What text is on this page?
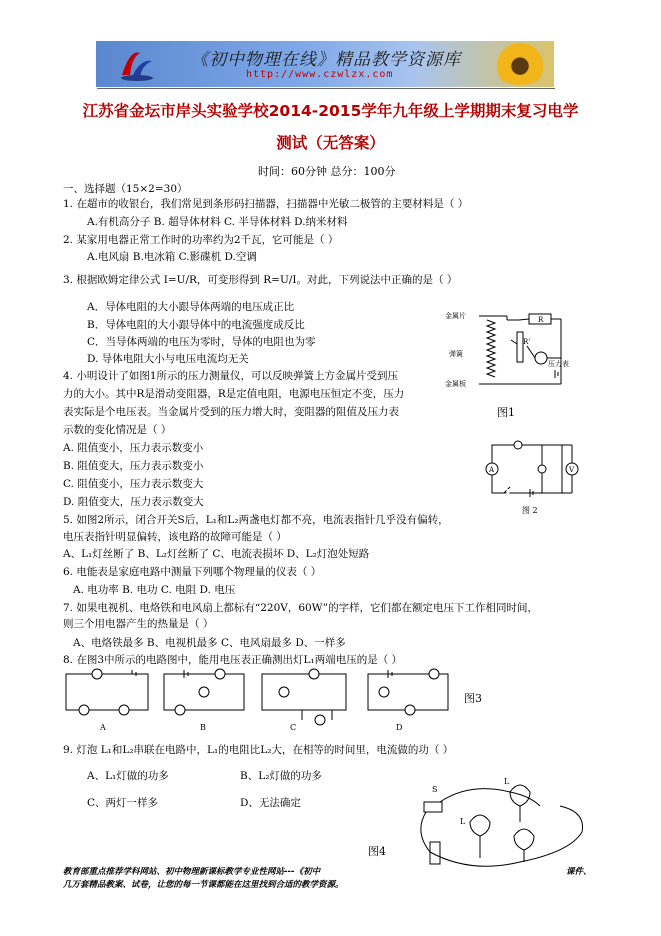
《初中物理在线》精品教学资源库
http://www.czwlzx.com
江苏省金坛市岸头实验学校2014-2015学年九年级上学期期末复习电学
测试（无答案）
时间：60分钟 总分：100分
一、选择题（15×2=30）
1. 在超市的收银台，我们常见到条形码扫描器，扫描器中光敏二极管的主要材料是（ ）
A.有机高分子 B. 超导体材料 C. 半导体材料 D.纳米材料
2. 某家用电器正常工作时的功率约为2千瓦，它可能是（ ）
A.电风扇 B.电冰箱 C.影碟机 D.空调
3. 根据欧姆定律公式 I=U/R，可变形得到 R=U/I。对此，下列说法中正确的是（ ）
A．导体电阻的大小跟导体两端的电压成正比
B．导体电阻的大小跟导体中的电流强度成反比
C．当导体两端的电压为零时，导体的电阻也为零
D. 导体电阻大小与电压电流均无关
4. 小明设计了如图1所示的压力测量仪，可以反映弹簧上方金属片受到压
力的大小。其中R是滑动变阻器，R是定值电阻，电源电压恒定不变，压力
表实际是个电压表。当金属片受到的压力增大时，变阻器的阻值及压力表
示数的变化情况是（ ）
A. 阻值变小，压力表示数变小
B. 阻值变大，压力表示数变小
C. 阻值变小，压力表示数变大
D. 阻值变大，压力表示数变大
5. 如图2所示，闭合开关S后，L₁和L₂两盏电灯都不亮，电流表指针几乎没有偏转，
电压表指针明显偏转，该电路的故障可能是（ ）
A、L₁灯丝断了 B、L₂灯丝断了 C、电流表损坏 D、L₂灯泡处短路
6. 电能表是家庭电路中测量下列哪个物理量的仪表（ ）
A. 电功率 B. 电功 C. 电阻 D. 电压
7. 如果电视机、电烙铁和电风扇上都标有“220V，60W”的字样，它们都在额定电压下工作相同时间，
则三个用电器产生的热量是（ ）
A、电烙铁最多 B、电视机最多 C、电风扇最多 D、一样多
8. 在图3中所示的电路图中，能用电压表正确测出灯L₁两端电压的是（ ）
9. 灯泡 L₁和L₂串联在电路中，L₁的电阻比L₂大，在相等的时间里，电流做的功（ ）
A、L₁灯做的功多	B、L₂灯做的功多
C、两灯一样多	D、无法确定
金属片
弹簧
金属板
R
R'
压力表
图1
A	V
图 2
A	B	C	D
图3
S
L
L
图4
教育部重点推荐学科网站、初中物理新课标教学专业性网站---《初中	课件、
几万套精品教案、试卷，让您的每一节课都能在这里找到合适的教学资源。
